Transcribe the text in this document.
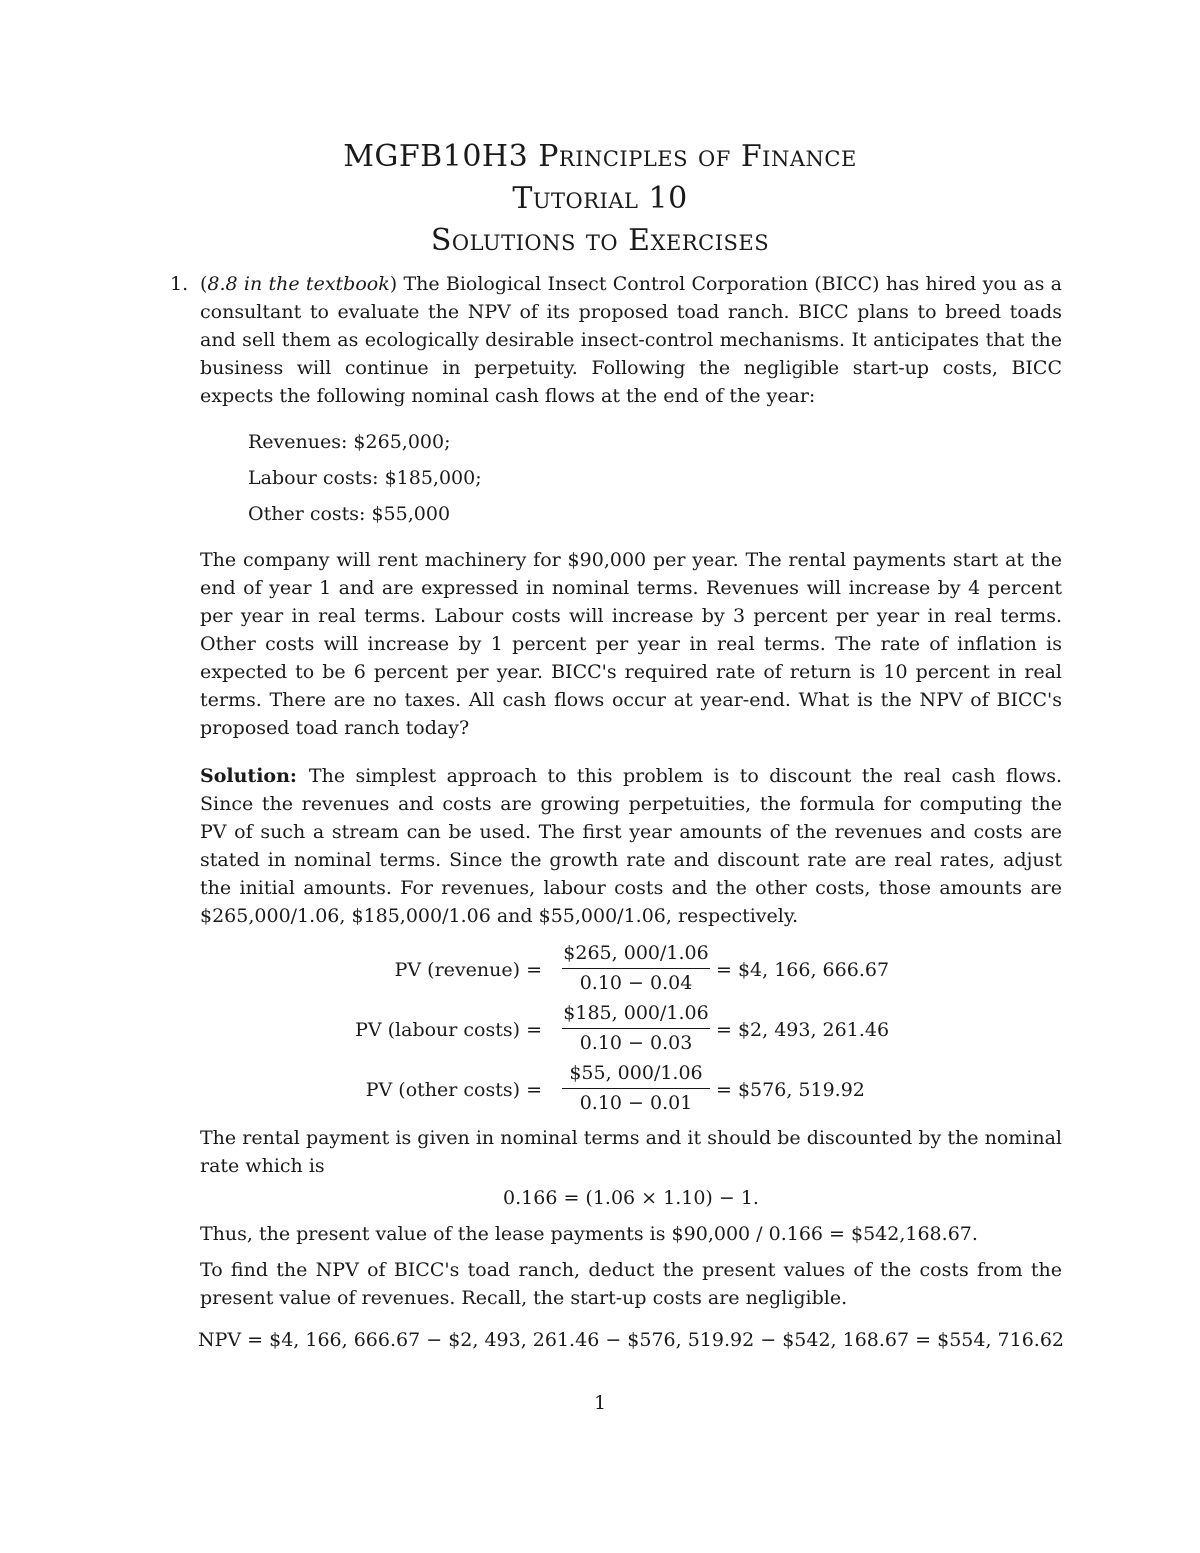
MGFB10H3 Principles of Finance
Tutorial 10
Solutions to Exercises
1. (8.8 in the textbook) The Biological Insect Control Corporation (BICC) has hired you as a consultant to evaluate the NPV of its proposed toad ranch. BICC plans to breed toads and sell them as ecologically desirable insect-control mechanisms. It anticipates that the business will continue in perpetuity. Following the negligible start-up costs, BICC expects the following nominal cash flows at the end of the year:

Revenues: $265,000;
Labour costs: $185,000;
Other costs: $55,000

The company will rent machinery for $90,000 per year. The rental payments start at the end of year 1 and are expressed in nominal terms. Revenues will increase by 4 percent per year in real terms. Labour costs will increase by 3 percent per year in real terms. Other costs will increase by 1 percent per year in real terms. The rate of inflation is expected to be 6 percent per year. BICC's required rate of return is 10 percent in real terms. There are no taxes. All cash flows occur at year-end. What is the NPV of BICC's proposed toad ranch today?

Solution: The simplest approach to this problem is to discount the real cash flows. Since the revenues and costs are growing perpetuities, the formula for computing the PV of such a stream can be used. The first year amounts of the revenues and costs are stated in nominal terms. Since the growth rate and discount rate are real rates, adjust the initial amounts. For revenues, labour costs and the other costs, those amounts are $265,000/1.06, $185,000/1.06 and $55,000/1.06, respectively.

PV (revenue) = $\frac{\$265, 000/1.06}{0.10 - 0.04}$ = $4, 166, 666.67
PV (labour costs) = $\frac{\$185, 000/1.06}{0.10 - 0.03}$ = $2, 493, 261.46
PV (other costs) = $\frac{\$55, 000/1.06}{0.10 - 0.01}$ = $576, 519.92

The rental payment is given in nominal terms and it should be discounted by the nominal rate which is

0.166 = (1.06 × 1.10) − 1.

Thus, the present value of the lease payments is $90,000 / 0.166 = $542,168.67.

To find the NPV of BICC's toad ranch, deduct the present values of the costs from the present value of revenues. Recall, the start-up costs are negligible.

NPV = $4, 166, 666.67 − $2, 493, 261.46 − $576, 519.92 − $542, 168.67 = $554, 716.62
1
